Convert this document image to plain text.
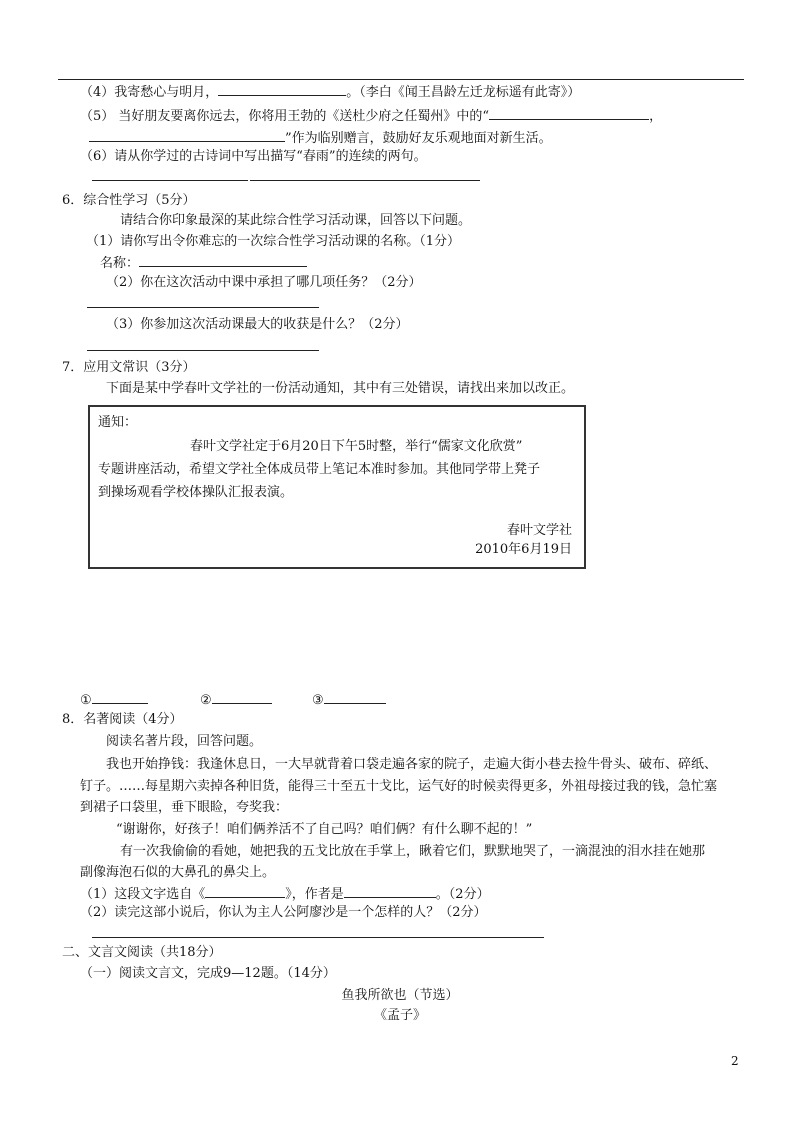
（4）我寄愁心与明月，	。（李白《闻王昌龄左迁龙标遥有此寄》）
（5） 当好朋友要离你远去，你将用王勃的《送杜少府之任蜀州》中的“	，
”作为临别赠言，鼓励好友乐观地面对新生活。
（6）请从你学过的古诗词中写出描写“春雨”的连续的两句。
6．综合性学习（5分）
请结合你印象最深的某此综合性学习活动课，回答以下问题。
（1）请你写出令你难忘的一次综合性学习活动课的名称。（1分）
名称：
（2）你在这次活动中课中承担了哪几项任务？（2分）
（3）你参加这次活动课最大的收获是什么？（2分）
7．应用文常识（3分）
下面是某中学春叶文学社的一份活动通知，其中有三处错误，请找出来加以改正。
通知：
春叶文学社定于6月20日下午5时整，举行“儒家文化欣赏”
专题讲座活动，希望文学社全体成员带上笔记本准时参加。其他同学带上凳子
到操场观看学校体操队汇报表演。
春叶文学社
2010年6月19日
①	②	③
8．名著阅读（4分）
阅读名著片段，回答问题。
我也开始挣钱：我逢休息日，一大早就背着口袋走遍各家的院子，走遍大街小巷去捡牛骨头、破布、碎纸、
钉子。……每星期六卖掉各种旧货，能得三十至五十戈比，运气好的时候卖得更多，外祖母接过我的钱，急忙塞
到裙子口袋里，垂下眼睑，夸奖我：
“谢谢你，好孩子！咱们俩养活不了自己吗？咱们俩？有什么聊不起的！”
有一次我偷偷的看她，她把我的五戈比放在手掌上，瞅着它们，默默地哭了，一滴混浊的泪水挂在她那
副像海泡石似的大鼻孔的鼻尖上。
（1）这段文字选自《	》，作者是	。（2分）
（2）读完这部小说后，你认为主人公阿廖沙是一个怎样的人？（2分）
二、文言文阅读（共18分）
（一）阅读文言文，完成9—12题。（14分）
鱼我所欲也（节选）
《孟子》
2
